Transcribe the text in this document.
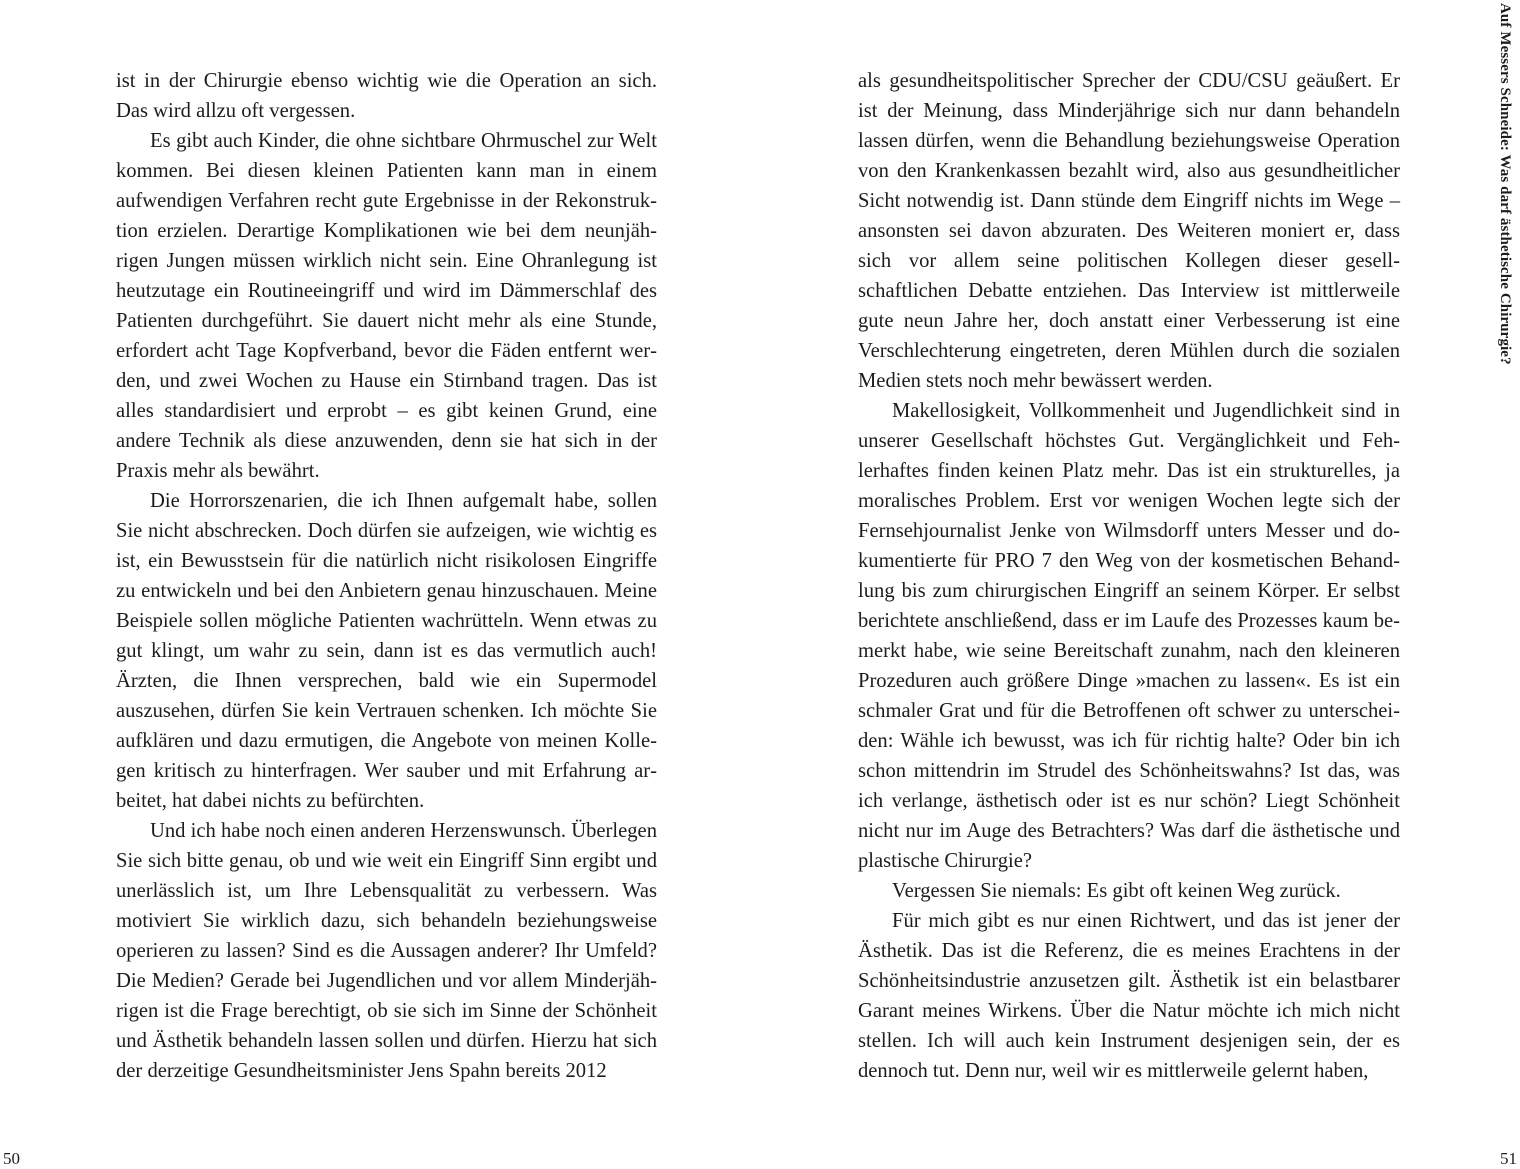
ist in der Chirurgie ebenso wichtig wie die Operation an sich. Das wird allzu oft vergessen.

Es gibt auch Kinder, die ohne sichtbare Ohrmuschel zur Welt kommen. Bei diesen kleinen Patienten kann man in einem aufwendigen Verfahren recht gute Ergebnisse in der Rekonstruktion erzielen. Derartige Komplikationen wie bei dem neunjährigen Jungen müssen wirklich nicht sein. Eine Ohranlegung ist heutzutage ein Routineeingriff und wird im Dämmerschlaf des Patienten durchgeführt. Sie dauert nicht mehr als eine Stunde, erfordert acht Tage Kopfverband, bevor die Fäden entfernt werden, und zwei Wochen zu Hause ein Stirnband tragen. Das ist alles standardisiert und erprobt – es gibt keinen Grund, eine andere Technik als diese anzuwenden, denn sie hat sich in der Praxis mehr als bewährt.

Die Horrorszenarien, die ich Ihnen aufgemalt habe, sollen Sie nicht abschrecken. Doch dürfen sie aufzeigen, wie wichtig es ist, ein Bewusstsein für die natürlich nicht risikolosen Eingriffe zu entwickeln und bei den Anbietern genau hinzuschauen. Meine Beispiele sollen mögliche Patienten wachrütteln. Wenn etwas zu gut klingt, um wahr zu sein, dann ist es das vermutlich auch! Ärzten, die Ihnen versprechen, bald wie ein Supermodel auszusehen, dürfen Sie kein Vertrauen schenken. Ich möchte Sie aufklären und dazu ermutigen, die Angebote von meinen Kollegen kritisch zu hinterfragen. Wer sauber und mit Erfahrung arbeitet, hat dabei nichts zu befürchten.

Und ich habe noch einen anderen Herzenswunsch. Überlegen Sie sich bitte genau, ob und wie weit ein Eingriff Sinn ergibt und unerlässlich ist, um Ihre Lebensqualität zu verbessern. Was motiviert Sie wirklich dazu, sich behandeln beziehungsweise operieren zu lassen? Sind es die Aussagen anderer? Ihr Umfeld? Die Medien? Gerade bei Jugendlichen und vor allem Minderjährigen ist die Frage berechtigt, ob sie sich im Sinne der Schönheit und Ästhetik behandeln lassen sollen und dürfen. Hierzu hat sich der derzeitige Gesundheitsminister Jens Spahn bereits 2012

50

als gesundheitspolitischer Sprecher der CDU/CSU geäußert. Er ist der Meinung, dass Minderjährige sich nur dann behandeln lassen dürfen, wenn die Behandlung beziehungsweise Operation von den Krankenkassen bezahlt wird, also aus gesundheitlicher Sicht notwendig ist. Dann stünde dem Eingriff nichts im Wege – ansonsten sei davon abzuraten. Des Weiteren moniert er, dass sich vor allem seine politischen Kollegen dieser gesellschaftlichen Debatte entziehen. Das Interview ist mittlerweile gute neun Jahre her, doch anstatt einer Verbesserung ist eine Verschlechterung eingetreten, deren Mühlen durch die sozialen Medien stets noch mehr bewässert werden.

Makellosigkeit, Vollkommenheit und Jugendlichkeit sind in unserer Gesellschaft höchstes Gut. Vergänglichkeit und Fehlerhaftes finden keinen Platz mehr. Das ist ein strukturelles, ja moralisches Problem. Erst vor wenigen Wochen legte sich der Fernsehjournalist Jenke von Wilmsdorff unters Messer und dokumentierte für PRO 7 den Weg von der kosmetischen Behandlung bis zum chirurgischen Eingriff an seinem Körper. Er selbst berichtete anschließend, dass er im Laufe des Prozesses kaum bemerkt habe, wie seine Bereitschaft zunahm, nach den kleineren Prozeduren auch größere Dinge »machen zu lassen«. Es ist ein schmaler Grat und für die Betroffenen oft schwer zu unterscheiden: Wähle ich bewusst, was ich für richtig halte? Oder bin ich schon mittendrin im Strudel des Schönheitswahns? Ist das, was ich verlange, ästhetisch oder ist es nur schön? Liegt Schönheit nicht nur im Auge des Betrachters? Was darf die ästhetische und plastische Chirurgie?

Vergessen Sie niemals: Es gibt oft keinen Weg zurück.

Für mich gibt es nur einen Richtwert, und das ist jener der Ästhetik. Das ist die Referenz, die es meines Erachtens in der Schönheitsindustrie anzusetzen gilt. Ästhetik ist ein belastbarer Garant meines Wirkens. Über die Natur möchte ich mich nicht stellen. Ich will auch kein Instrument desjenigen sein, der es dennoch tut. Denn nur, weil wir es mittlerweile gelernt haben,

51
Auf Messers Schneide: Was darf ästhetische Chirurgie?
